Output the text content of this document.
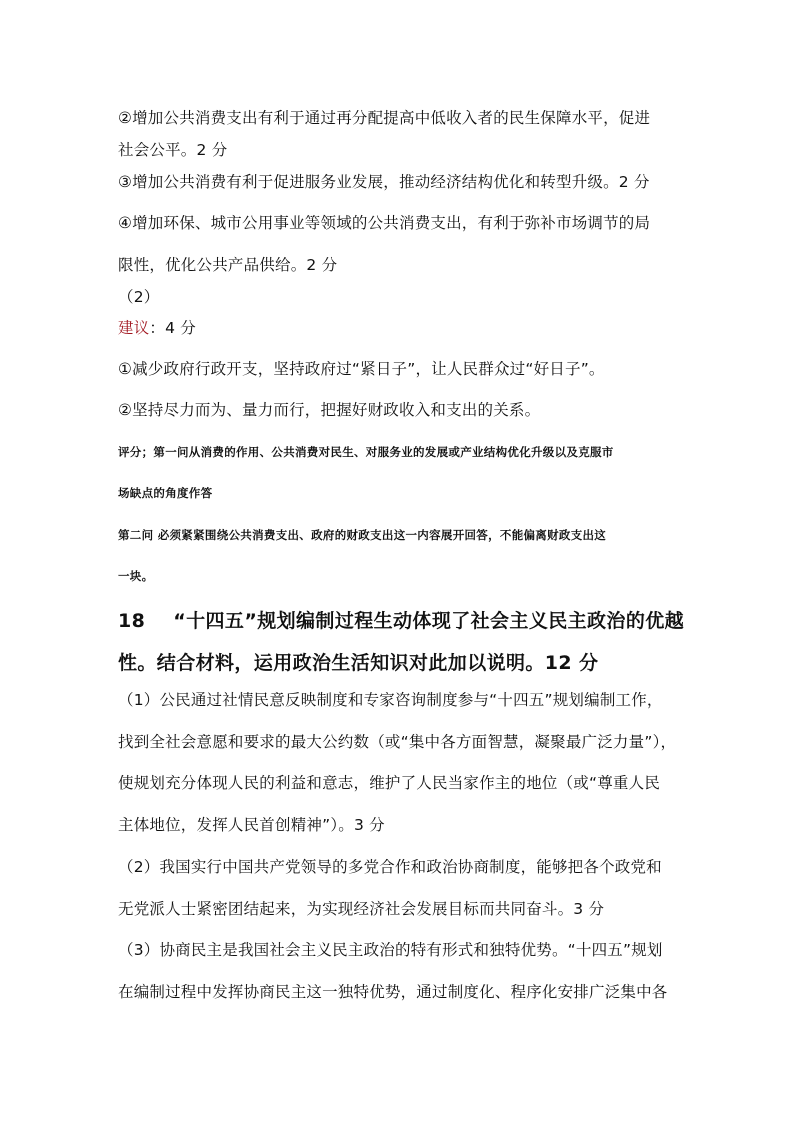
②增加公共消费支出有利于通过再分配提高中低收入者的民生保障水平，促进
社会公平。2 分
③增加公共消费有利于促进服务业发展，推动经济结构优化和转型升级。2 分
④增加环保、城市公用事业等领域的公共消费支出，有利于弥补市场调节的局
限性，优化公共产品供给。2 分
（2）
建议：4 分
①减少政府行政开支，坚持政府过“紧日子”，让人民群众过“好日子”。
②坚持尽力而为、量力而行，把握好财政收入和支出的关系。
评分；第一问从消费的作用、公共消费对民生、对服务业的发展或产业结构优化升级以及克服市
场缺点的角度作答
第二问 必须紧紧围绕公共消费支出、政府的财政支出这一内容展开回答，不能偏离财政支出这
一块。
18 “十四五”规划编制过程生动体现了社会主义民主政治的优越
性。结合材料，运用政治生活知识对此加以说明。12 分
（1）公民通过社情民意反映制度和专家咨询制度参与“十四五”规划编制工作，
找到全社会意愿和要求的最大公约数（或“集中各方面智慧，凝聚最广泛力量”），
使规划充分体现人民的利益和意志，维护了人民当家作主的地位（或“尊重人民
主体地位，发挥人民首创精神”）。3 分
（2）我国实行中国共产党领导的多党合作和政治协商制度，能够把各个政党和
无党派人士紧密团结起来，为实现经济社会发展目标而共同奋斗。3 分
（3）协商民主是我国社会主义民主政治的特有形式和独特优势。“十四五”规划
在编制过程中发挥协商民主这一独特优势，通过制度化、程序化安排广泛集中各
